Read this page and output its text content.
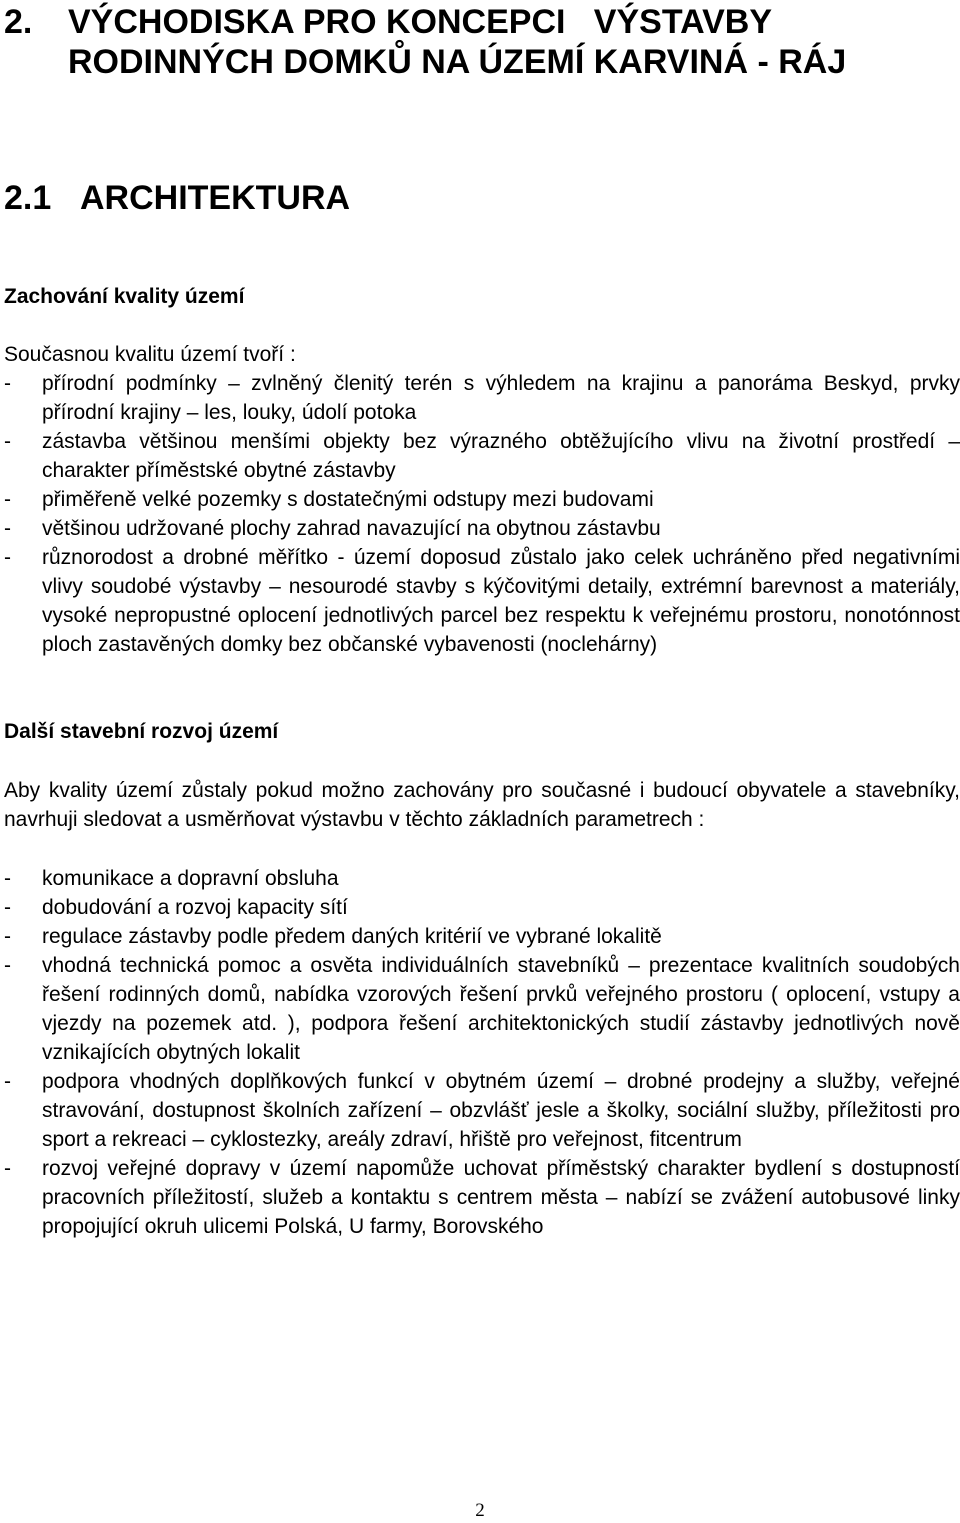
2. VÝCHODISKA PRO KONCEPCI   VÝSTAVBY
RODINNÝCH DOMKŮ NA ÚZEMÍ KARVINÁ - RÁJ
2.1 ARCHITEKTURA
Zachování kvality území

Současnou kvalitu území tvoří :

- přírodní podmínky – zvlněný členitý terén s výhledem na krajinu a panoráma Beskyd, prvky přírodní krajiny – les, louky, údolí potoka
- zástavba většinou menšími objekty bez výrazného obtěžujícího vlivu na životní prostředí – charakter příměstské obytné zástavby
- přiměřeně velké pozemky s dostatečnými odstupy mezi budovami
- většinou udržované plochy zahrad navazující na obytnou zástavbu
- různorodost a drobné měřítko - území doposud zůstalo jako celek uchráněno před negativními vlivy soudobé výstavby – nesourodé stavby s kýčovitými detaily, extrémní barevnost a materiály, vysoké nepropustné oplocení jednotlivých parcel bez respektu k veřejnému prostoru, nonotónnost ploch zastavěných domky bez občanské vybavenosti (noclehárny)
Další stavební rozvoj území

Aby kvality území zůstaly pokud možno zachovány pro současné i budoucí obyvatele a stavebníky, navrhuji sledovat a usměrňovat výstavbu v těchto základních parametrech :

- komunikace a dopravní obsluha
- dobudování a rozvoj kapacity sítí
- regulace zástavby podle předem daných kritérií ve vybrané lokalitě
- vhodná technická pomoc a osvěta individuálních stavebníků – prezentace kvalitních soudobých řešení rodinných domů, nabídka vzorových řešení prvků veřejného prostoru ( oplocení, vstupy a vjezdy na pozemek atd. ), podpora řešení architektonických studií zástavby jednotlivých nově vznikajících obytných lokalit
- podpora vhodných doplňkových funkcí v obytném území – drobné prodejny a služby, veřejné stravování, dostupnost školních zařízení – obzvlášť jesle a školky, sociální služby, příležitosti pro sport a rekreaci – cyklostezky, areály zdraví, hřiště pro veřejnost, fitcentrum
- rozvoj veřejné dopravy v území napomůže uchovat příměstský charakter bydlení s dostupností pracovních příležitostí, služeb a kontaktu s centrem města – nabízí se zvážení autobusové linky propojující okruh ulicemi Polská, U farmy, Borovského
2
